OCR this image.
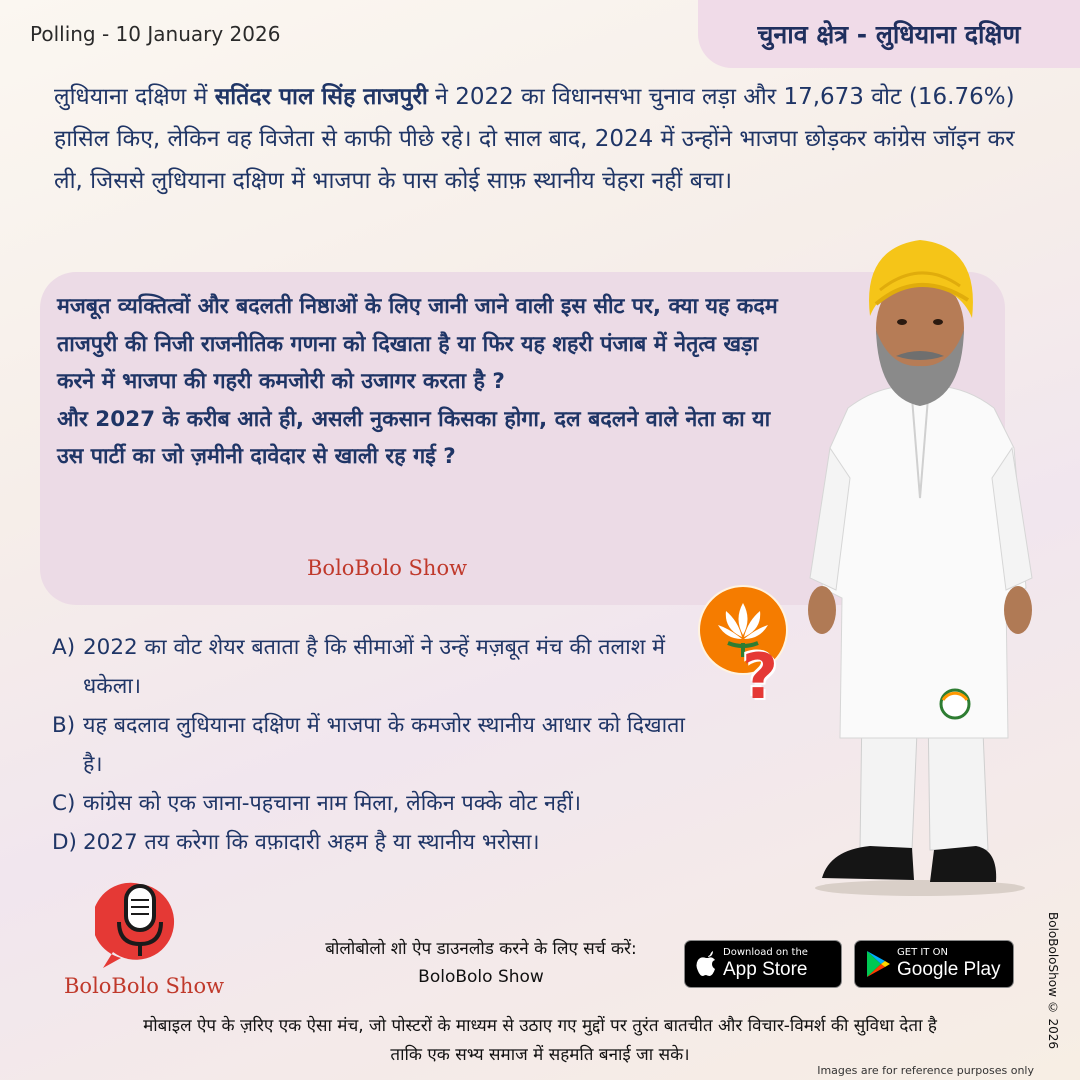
Polling - 10 January 2026	चुनाव क्षेत्र - लुधियाना दक्षिण

लुधियाना दक्षिण में सतिंदर पाल सिंह ताजपुरी ने 2022 का विधानसभा चुनाव लड़ा और 17,673 वोट (16.76%) हासिल किए, लेकिन वह विजेता से काफी पीछे रहे। दो साल बाद, 2024 में उन्होंने भाजपा छोड़कर कांग्रेस जॉइन कर ली, जिससे लुधियाना दक्षिण में भाजपा के पास कोई साफ़ स्थानीय चेहरा नहीं बचा।

मजबूत व्यक्तित्वों और बदलती निष्ठाओं के लिए जानी जाने वाली इस सीट पर, क्या यह कदम ताजपुरी की निजी राजनीतिक गणना को दिखाता है या फिर यह शहरी पंजाब में नेतृत्व खड़ा करने में भाजपा की गहरी कमजोरी को उजागर करता है ?
और 2027 के करीब आते ही, असली नुकसान किसका होगा, दल बदलने वाले नेता का या उस पार्टी का जो ज़मीनी दावेदार से खाली रह गई ?
BoloBolo Show
A) 2022 का वोट शेयर बताता है कि सीमाओं ने उन्हें मज़बूत मंच की तलाश में धकेला।
B) यह बदलाव लुधियाना दक्षिण में भाजपा के कमजोर स्थानीय आधार को दिखाता है।
C) कांग्रेस को एक जाना-पहचाना नाम मिला, लेकिन पक्के वोट नहीं।
D) 2027 तय करेगा कि वफ़ादारी अहम है या स्थानीय भरोसा।
?
BoloBolo Show
बोलोबोलो शो ऐप डाउनलोड करने के लिए सर्च करें:
BoloBolo Show
Download on the
App Store
GET IT ON
Google Play
मोबाइल ऐप के ज़रिए एक ऐसा मंच, जो पोस्टरों के माध्यम से उठाए गए मुद्दों पर तुरंत बातचीत और विचार-विमर्श की सुविधा देता है
ताकि एक सभ्य समाज में सहमति बनाई जा सके।
Images are for reference purposes only
BoloBoloShow © 2026
